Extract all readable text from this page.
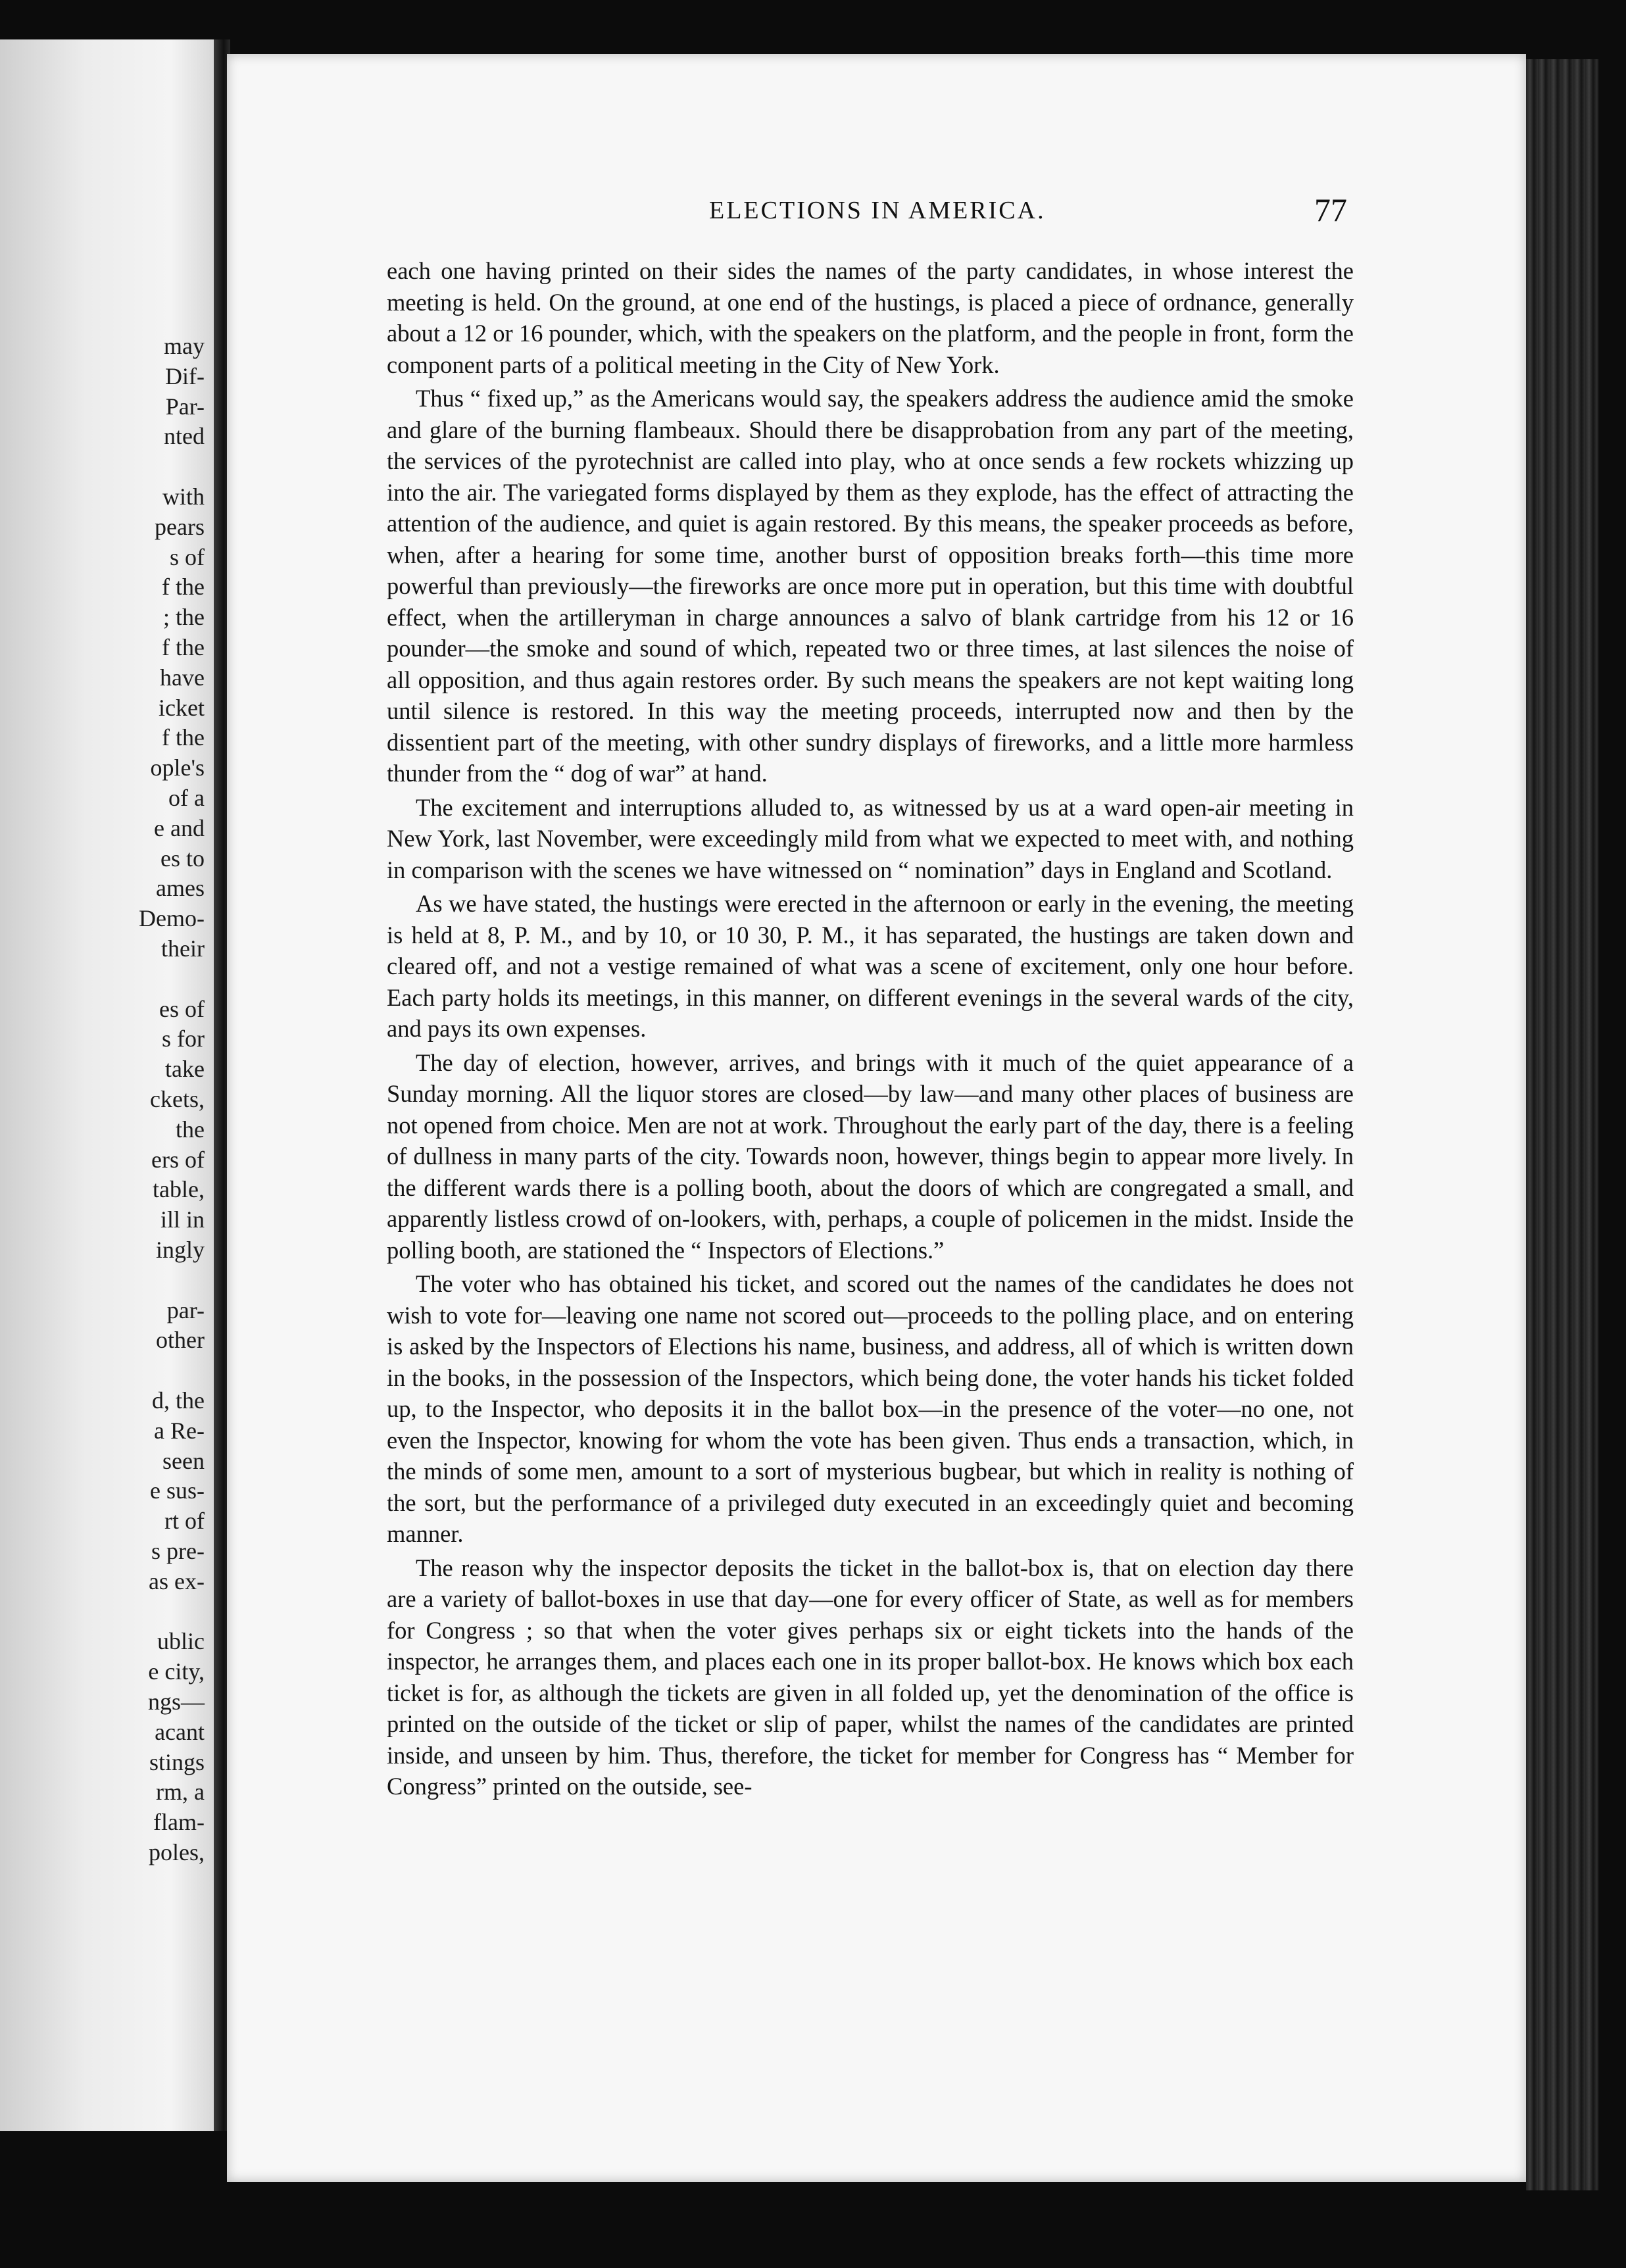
may
Dif-
Par-
nted
with
pears
s of
f the
; the
f the
have
icket
f the
ople's
of a
e and
es to
ames
Demo-
their
es of
s for
take
ckets,
the
ers of
table,
ill in
ingly
par-
other
d, the
a Re-
seen
e sus-
rt of
s pre-
as ex-
ublic
e city,
ngs—
acant
stings
rm, a
flam-
poles,
ELECTIONS IN AMERICA.	77

each one having printed on their sides the names of the party candidates, in whose interest the meeting is held. On the ground, at one end of the hustings, is placed a piece of ordnance, generally about a 12 or 16 pounder, which, with the speakers on the platform, and the people in front, form the component parts of a political meeting in the City of New York.

Thus “ fixed up,” as the Americans would say, the speakers address the audience amid the smoke and glare of the burning flambeaux. Should there be disapprobation from any part of the meeting, the services of the pyrotechnist are called into play, who at once sends a few rockets whizzing up into the air. The variegated forms displayed by them as they explode, has the effect of attracting the attention of the audience, and quiet is again restored. By this means, the speaker proceeds as before, when, after a hearing for some time, another burst of opposition breaks forth—this time more powerful than previously—the fireworks are once more put in operation, but this time with doubtful effect, when the artilleryman in charge announces a salvo of blank cartridge from his 12 or 16 pounder—the smoke and sound of which, repeated two or three times, at last silences the noise of all opposition, and thus again restores order. By such means the speakers are not kept waiting long until silence is restored. In this way the meeting proceeds, interrupted now and then by the dissentient part of the meeting, with other sundry displays of fireworks, and a little more harmless thunder from the “ dog of war” at hand.

The excitement and interruptions alluded to, as witnessed by us at a ward open-air meeting in New York, last November, were exceedingly mild from what we expected to meet with, and nothing in comparison with the scenes we have witnessed on “ nomination” days in England and Scotland.

As we have stated, the hustings were erected in the afternoon or early in the evening, the meeting is held at 8, P. M., and by 10, or 10 30, P. M., it has separated, the hustings are taken down and cleared off, and not a vestige remained of what was a scene of excitement, only one hour before. Each party holds its meetings, in this manner, on different evenings in the several wards of the city, and pays its own expenses.

The day of election, however, arrives, and brings with it much of the quiet appearance of a Sunday morning. All the liquor stores are closed—by law—and many other places of business are not opened from choice. Men are not at work. Throughout the early part of the day, there is a feeling of dullness in many parts of the city. Towards noon, however, things begin to appear more lively. In the different wards there is a polling booth, about the doors of which are congregated a small, and apparently listless crowd of on-lookers, with, perhaps, a couple of policemen in the midst. Inside the polling booth, are stationed the “ Inspectors of Elections.”

The voter who has obtained his ticket, and scored out the names of the candidates he does not wish to vote for—leaving one name not scored out—proceeds to the polling place, and on entering is asked by the Inspectors of Elections his name, business, and address, all of which is written down in the books, in the possession of the Inspectors, which being done, the voter hands his ticket folded up, to the Inspector, who deposits it in the ballot box—in the presence of the voter—no one, not even the Inspector, knowing for whom the vote has been given. Thus ends a transaction, which, in the minds of some men, amount to a sort of mysterious bugbear, but which in reality is nothing of the sort, but the performance of a privileged duty executed in an exceedingly quiet and becoming manner.

The reason why the inspector deposits the ticket in the ballot-box is, that on election day there are a variety of ballot-boxes in use that day—one for every officer of State, as well as for members for Congress ; so that when the voter gives perhaps six or eight tickets into the hands of the inspector, he arranges them, and places each one in its proper ballot-box. He knows which box each ticket is for, as although the tickets are given in all folded up, yet the denomination of the office is printed on the outside of the ticket or slip of paper, whilst the names of the candidates are printed inside, and unseen by him. Thus, therefore, the ticket for member for Congress has “ Member for Congress” printed on the outside, see-
